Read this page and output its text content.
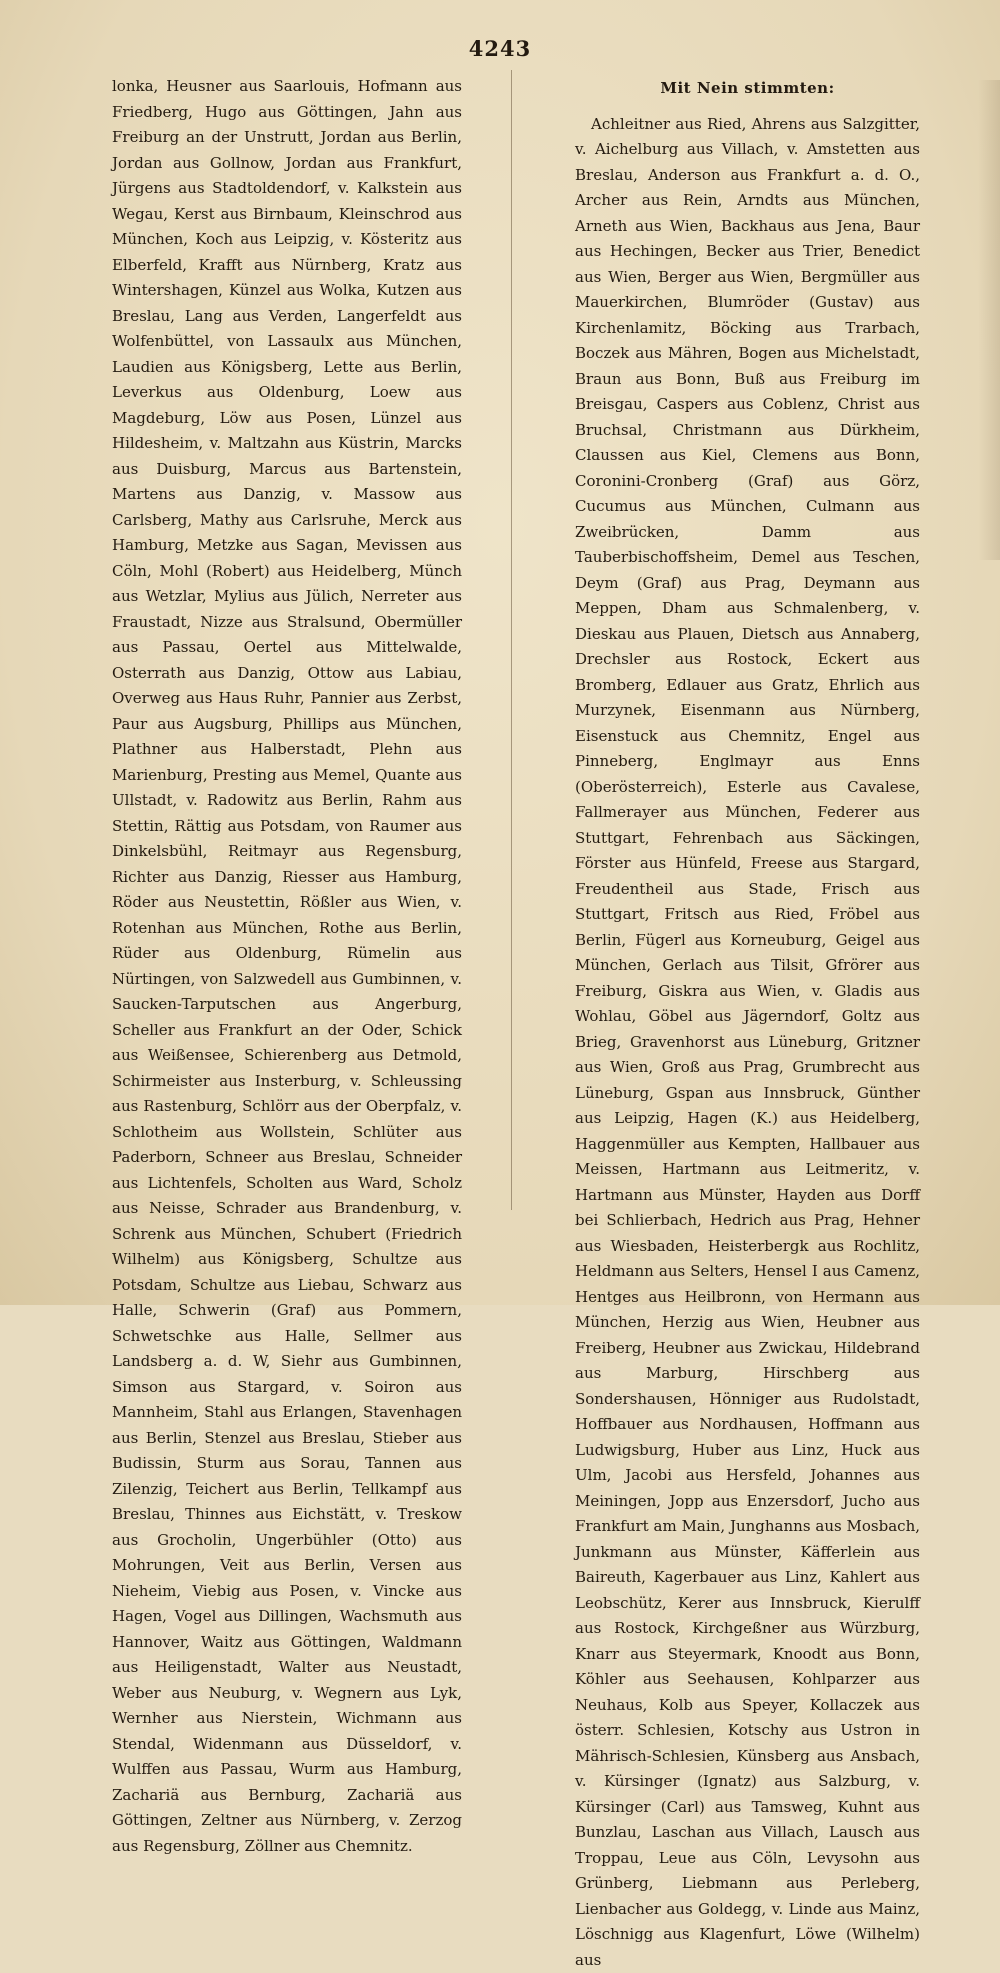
4243

lonka, Heusner aus Saarlouis, Hofmann aus Friedberg, Hugo aus Göttingen, Jahn aus Freiburg an der Unstrutt, Jordan aus Berlin, Jordan aus Gollnow, Jordan aus Frankfurt, Jürgens aus Stadtoldendorf, v. Kalkstein aus Wegau, Kerst aus Birnbaum, Kleinschrod aus München, Koch aus Leipzig, v. Kösteritz aus Elberfeld, Krafft aus Nürnberg, Kratz aus Wintershagen, Künzel aus Wolka, Kutzen aus Breslau, Lang aus Verden, Langerfeldt aus Wolfenbüttel, von Lassaulx aus München, Laudien aus Königsberg, Lette aus Berlin, Leverkus aus Oldenburg, Loew aus Magdeburg, Löw aus Posen, Lünzel aus Hildesheim, v. Maltzahn aus Küstrin, Marcks aus Duisburg, Marcus aus Bartenstein, Martens aus Danzig, v. Massow aus Carlsberg, Mathy aus Carlsruhe, Merck aus Hamburg, Metzke aus Sagan, Mevissen aus Cöln, Mohl (Robert) aus Heidelberg, Münch aus Wetzlar, Mylius aus Jülich, Nerreter aus Fraustadt, Nizze aus Stralsund, Obermüller aus Passau, Oertel aus Mittelwalde, Osterrath aus Danzig, Ottow aus Labiau, Overweg aus Haus Ruhr, Pannier aus Zerbst, Paur aus Augsburg, Phillips aus München, Plathner aus Halberstadt, Plehn aus Marienburg, Presting aus Memel, Quante aus Ullstadt, v. Radowitz aus Berlin, Rahm aus Stettin, Rättig aus Potsdam, von Raumer aus Dinkelsbühl, Reitmayr aus Regensburg, Richter aus Danzig, Riesser aus Hamburg, Röder aus Neustettin, Rößler aus Wien, v. Rotenhan aus München, Rothe aus Berlin, Rüder aus Oldenburg, Rümelin aus Nürtingen, von Salzwedell aus Gumbinnen, v. Saucken-Tarputschen aus Angerburg, Scheller aus Frankfurt an der Oder, Schick aus Weißensee, Schierenberg aus Detmold, Schirmeister aus Insterburg, v. Schleussing aus Rastenburg, Schlörr aus der Oberpfalz, v. Schlotheim aus Wollstein, Schlüter aus Paderborn, Schneer aus Breslau, Schneider aus Lichtenfels, Scholten aus Ward, Scholz aus Neisse, Schrader aus Brandenburg, v. Schrenk aus München, Schubert (Friedrich Wilhelm) aus Königsberg, Schultze aus Potsdam, Schultze aus Liebau, Schwarz aus Halle, Schwerin (Graf) aus Pommern, Schwetschke aus Halle, Sellmer aus Landsberg a. d. W, Siehr aus Gumbinnen, Simson aus Stargard, v. Soiron aus Mannheim, Stahl aus Erlangen, Stavenhagen aus Berlin, Stenzel aus Breslau, Stieber aus Budissin, Sturm aus Sorau, Tannen aus Zilenzig, Teichert aus Berlin, Tellkampf aus Breslau, Thinnes aus Eichstätt, v. Treskow aus Grocholin, Ungerbühler (Otto) aus Mohrungen, Veit aus Berlin, Versen aus Nieheim, Viebig aus Posen, v. Vincke aus Hagen, Vogel aus Dillingen, Wachsmuth aus Hannover, Waitz aus Göttingen, Waldmann aus Heiligenstadt, Walter aus Neustadt, Weber aus Neuburg, v. Wegnern aus Lyk, Wernher aus Nierstein, Wichmann aus Stendal, Widenmann aus Düsseldorf, v. Wulffen aus Passau, Wurm aus Hamburg, Zachariä aus Bernburg, Zachariä aus Göttingen, Zeltner aus Nürnberg, v. Zerzog aus Regensburg, Zöllner aus Chemnitz.

Mit Nein stimmten:

Achleitner aus Ried, Ahrens aus Salzgitter, v. Aichelburg aus Villach, v. Amstetten aus Breslau, Anderson aus Frankfurt a. d. O., Archer aus Rein, Arndts aus München, Arneth aus Wien, Backhaus aus Jena, Baur aus Hechingen, Becker aus Trier, Benedict aus Wien, Berger aus Wien, Bergmüller aus Mauerkirchen, Blumröder (Gustav) aus Kirchenlamitz, Böcking aus Trarbach, Boczek aus Mähren, Bogen aus Michelstadt, Braun aus Bonn, Buß aus Freiburg im Breisgau, Caspers aus Coblenz, Christ aus Bruchsal, Christmann aus Dürkheim, Claussen aus Kiel, Clemens aus Bonn, Coronini-Cronberg (Graf) aus Görz, Cucumus aus München, Culmann aus Zweibrücken, Damm aus Tauberbischoffsheim, Demel aus Teschen, Deym (Graf) aus Prag, Deymann aus Meppen, Dham aus Schmalenberg, v. Dieskau aus Plauen, Dietsch aus Annaberg, Drechsler aus Rostock, Eckert aus Bromberg, Edlauer aus Gratz, Ehrlich aus Murzynek, Eisenmann aus Nürnberg, Eisenstuck aus Chemnitz, Engel aus Pinneberg, Englmayr aus Enns (Oberösterreich), Esterle aus Cavalese, Fallmerayer aus München, Federer aus Stuttgart, Fehrenbach aus Säckingen, Förster aus Hünfeld, Freese aus Stargard, Freudentheil aus Stade, Frisch aus Stuttgart, Fritsch aus Ried, Fröbel aus Berlin, Fügerl aus Korneuburg, Geigel aus München, Gerlach aus Tilsit, Gfrörer aus Freiburg, Giskra aus Wien, v. Gladis aus Wohlau, Göbel aus Jägerndorf, Goltz aus Brieg, Gravenhorst aus Lüneburg, Gritzner aus Wien, Groß aus Prag, Grumbrecht aus Lüneburg, Gspan aus Innsbruck, Günther aus Leipzig, Hagen (K.) aus Heidelberg, Haggenmüller aus Kempten, Hallbauer aus Meissen, Hartmann aus Leitmeritz, v. Hartmann aus Münster, Hayden aus Dorff bei Schlierbach, Hedrich aus Prag, Hehner aus Wiesbaden, Heisterbergk aus Rochlitz, Heldmann aus Selters, Hensel I aus Camenz, Hentges aus Heilbronn, von Hermann aus München, Herzig aus Wien, Heubner aus Freiberg, Heubner aus Zwickau, Hildebrand aus Marburg, Hirschberg aus Sondershausen, Hönniger aus Rudolstadt, Hoffbauer aus Nordhausen, Hoffmann aus Ludwigsburg, Huber aus Linz, Huck aus Ulm, Jacobi aus Hersfeld, Johannes aus Meiningen, Jopp aus Enzersdorf, Jucho aus Frankfurt am Main, Junghanns aus Mosbach, Junkmann aus Münster, Käfferlein aus Baireuth, Kagerbauer aus Linz, Kahlert aus Leobschütz, Kerer aus Innsbruck, Kierulff aus Rostock, Kirchgeßner aus Würzburg, Knarr aus Steyermark, Knoodt aus Bonn, Köhler aus Seehausen, Kohlparzer aus Neuhaus, Kolb aus Speyer, Kollaczek aus österr. Schlesien, Kotschy aus Ustron in Mährisch-Schlesien, Künsberg aus Ansbach, v. Kürsinger (Ignatz) aus Salzburg, v. Kürsinger (Carl) aus Tamsweg, Kuhnt aus Bunzlau, Laschan aus Villach, Lausch aus Troppau, Leue aus Cöln, Levysohn aus Grünberg, Liebmann aus Perleberg, Lienbacher aus Goldegg, v. Linde aus Mainz, Löschnigg aus Klagenfurt, Löwe (Wilhelm) aus
